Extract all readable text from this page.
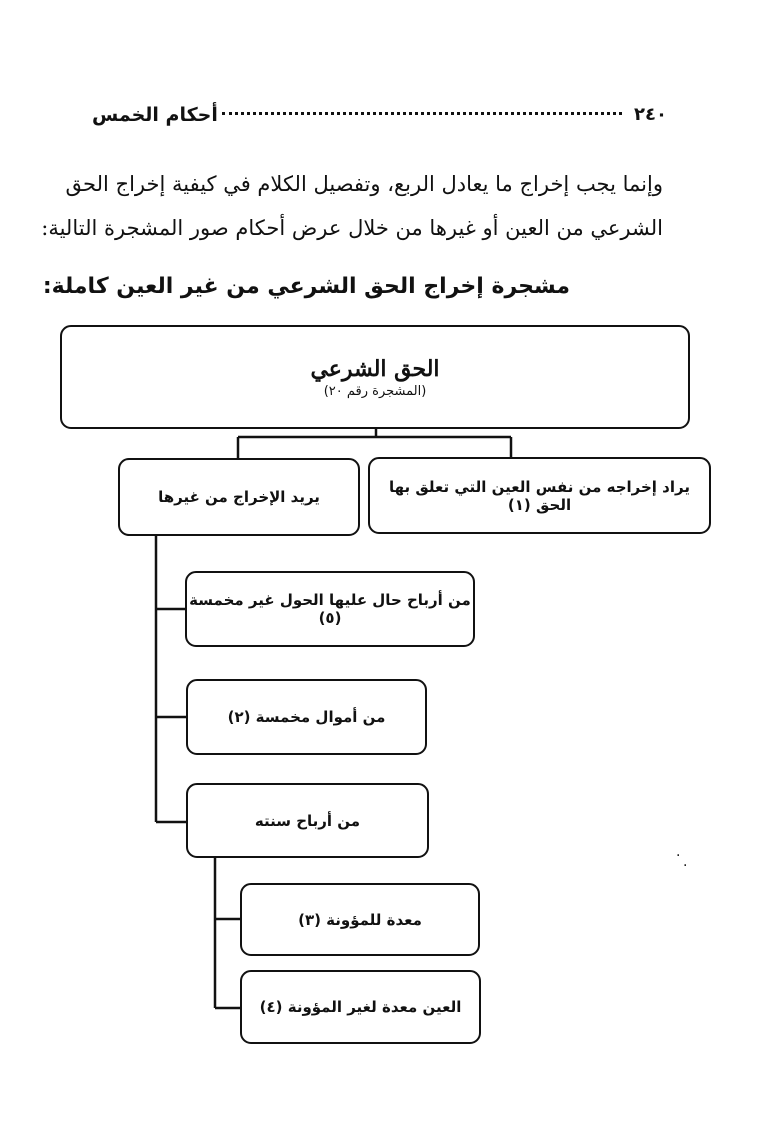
٢٤٠
أحكام الخمس
وإنما يجب إخراج ما يعادل الربع، وتفصيل الكلام في كيفية إخراج الحق
الشرعي من العين أو غيرها من خلال عرض أحكام صور المشجرة التالية:
مشجرة إخراج الحق الشرعي من غير العين كاملة:
الحق الشرعي
(المشجرة رقم ٢٠)
يراد إخراجه من نفس العين التي تعلق بها الحق (١)
يريد الإخراج من غيرها
من أرباح حال عليها الحول غير مخمسة (٥)
من أموال مخمسة (٢)
من أرباح سنته
معدة للمؤونة (٣)
العين معدة لغير المؤونة (٤)
·
·
